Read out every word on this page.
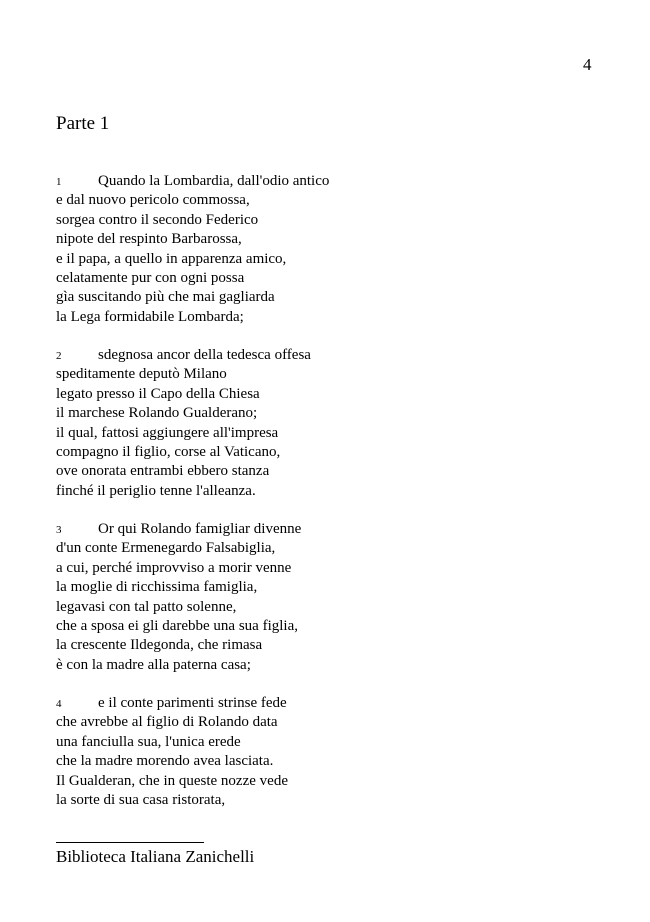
4
Parte 1
1 Quando la Lombardia, dall'odio antico
e dal nuovo pericolo commossa,
sorgea contro il secondo Federico
nipote del respinto Barbarossa,
e il papa, a quello in apparenza amico,
celatamente pur con ogni possa
gìa suscitando più che mai gagliarda
la Lega formidabile Lombarda;
2 sdegnosa ancor della tedesca offesa
speditamente deputò Milano
legato presso il Capo della Chiesa
il marchese Rolando Gualderano;
il qual, fattosi aggiungere all'impresa
compagno il figlio, corse al Vaticano,
ove onorata entrambi ebbero stanza
finché il periglio tenne l'alleanza.
3 Or qui Rolando famigliar divenne
d'un conte Ermenegardo Falsabiglia,
a cui, perché improvviso a morir venne
la moglie di ricchissima famiglia,
legavasi con tal patto solenne,
che a sposa ei gli darebbe una sua figlia,
la crescente Ildegonda, che rimasa
è con la madre alla paterna casa;
4 e il conte parimenti strinse fede
che avrebbe al figlio di Rolando data
una fanciulla sua, l'unica erede
che la madre morendo avea lasciata.
Il Gualderan, che in queste nozze vede
la sorte di sua casa ristorata,
Biblioteca Italiana Zanichelli
